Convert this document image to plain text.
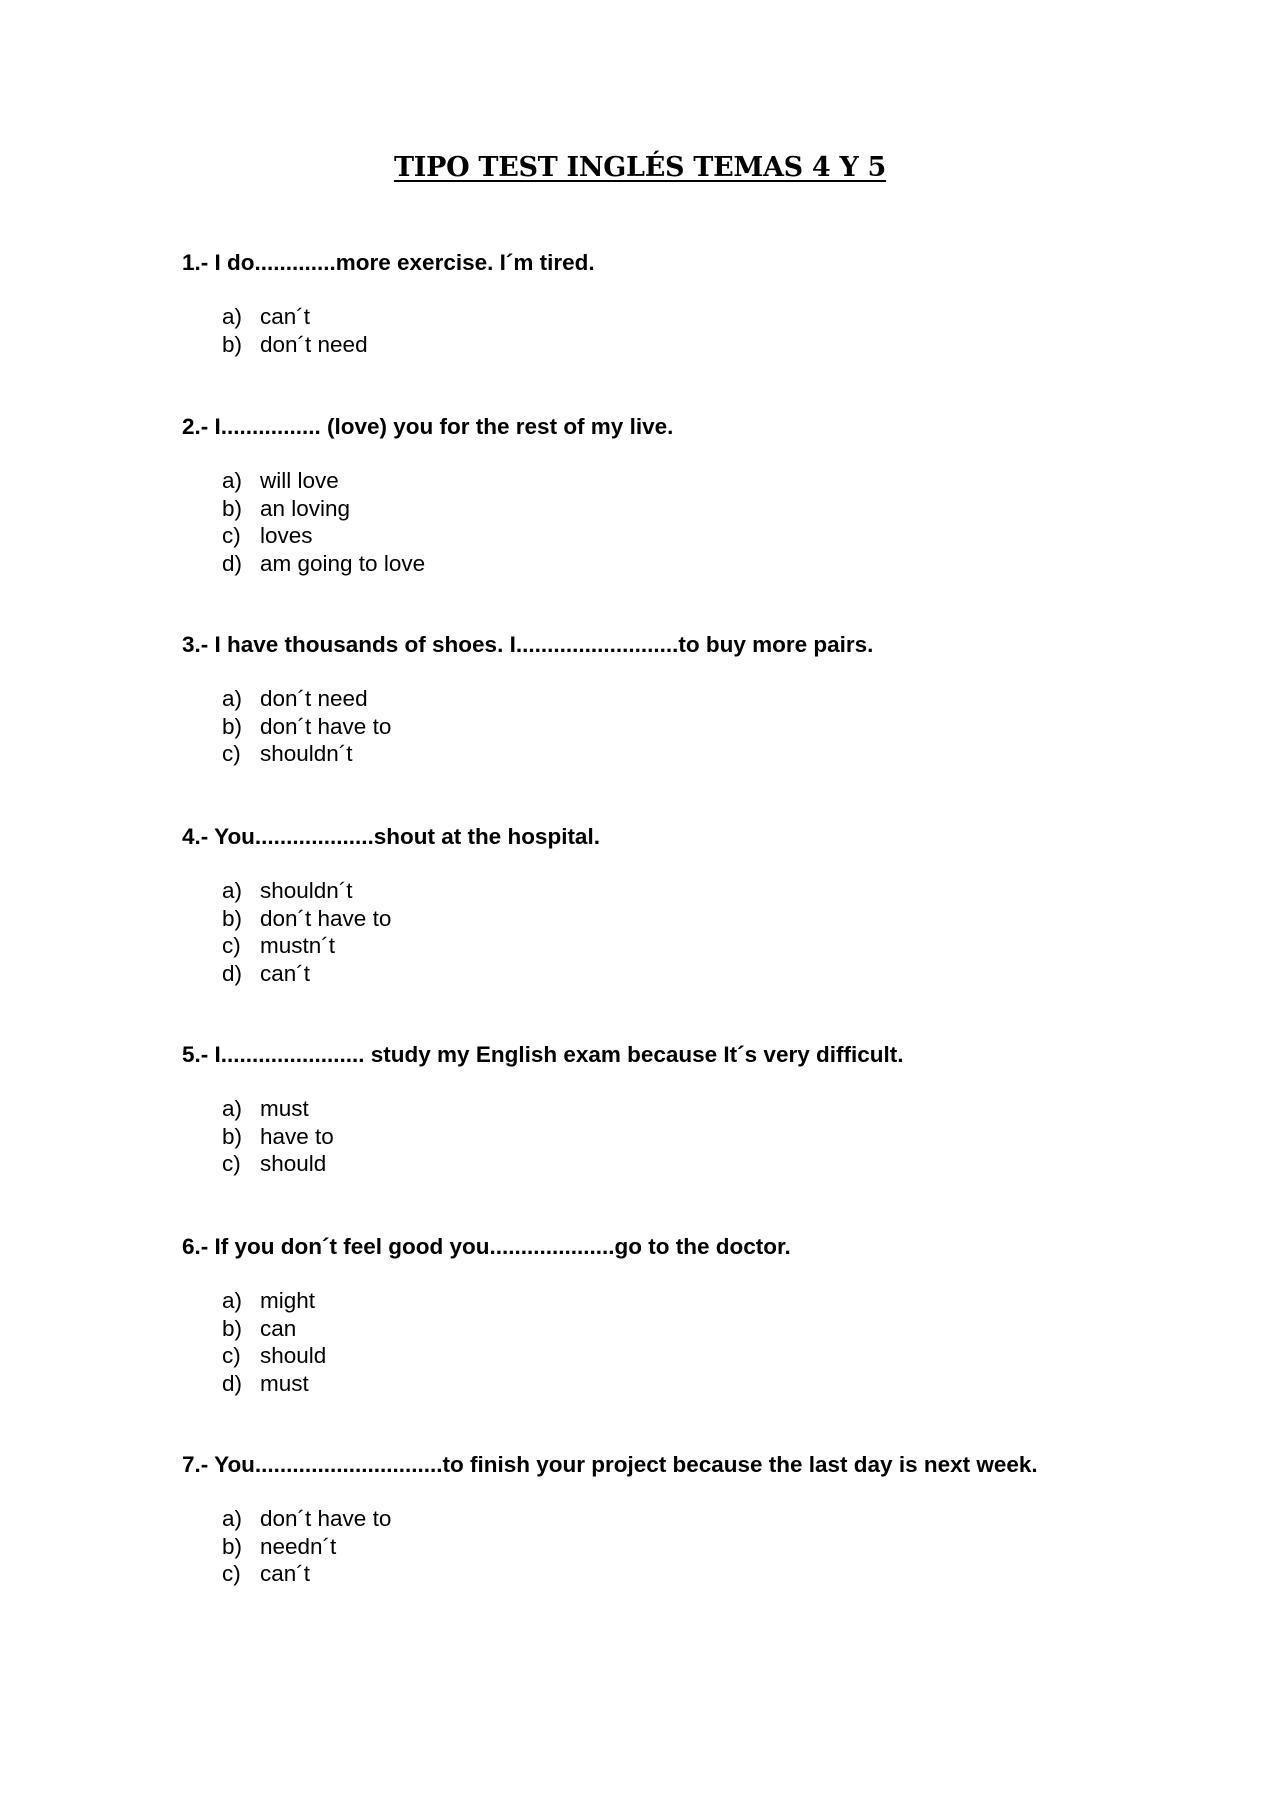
TIPO TEST INGLÉS TEMAS 4 Y 5
1.- I do.............more exercise. I´m tired.
a) can´t
b) don´t need
2.- I................ (love) you for the rest of my live.
a) will love
b) an loving
c) loves
d) am going to love
3.- I have thousands of shoes. I..........................to buy more pairs.
a) don´t need
b) don´t have to
c) shouldn´t
4.- You...................shout at the hospital.
a) shouldn´t
b) don´t have to
c) mustn´t
d) can´t
5.- I....................... study my English exam because It´s very difficult.
a) must
b) have to
c) should
6.- If you don´t feel good you....................go to the doctor.
a) might
b) can
c) should
d) must
7.- You..............................to finish your project because the last day is next week.
a) don´t have to
b) needn´t
c) can´t
